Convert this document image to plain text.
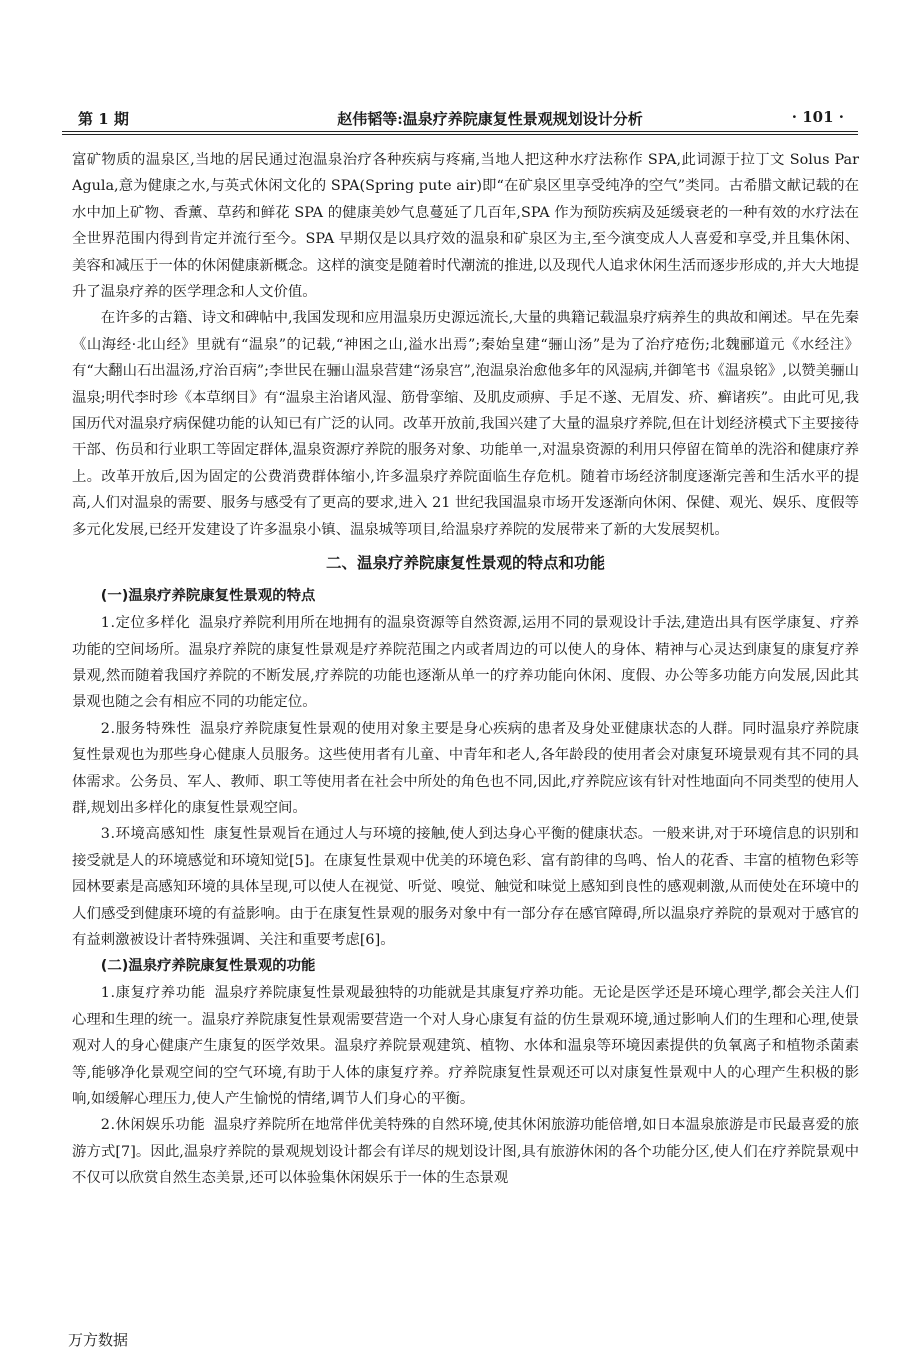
第 1 期	赵伟韬等:温泉疗养院康复性景观规划设计分析	· 101 ·

富矿物质的温泉区,当地的居民通过泡温泉治疗各种疾病与疼痛,当地人把这种水疗法称作 SPA,此词源于拉丁文 Solus Par Agula,意为健康之水,与英式休闲文化的 SPA(Spring pute air)即“在矿泉区里享受纯净的空气”类同。古希腊文献记载的在水中加上矿物、香薰、草药和鲜花 SPA 的健康美妙气息蔓延了几百年,SPA 作为预防疾病及延缓衰老的一种有效的水疗法在全世界范围内得到肯定并流行至今。SPA 早期仅是以具疗效的温泉和矿泉区为主,至今演变成人人喜爱和享受,并且集休闲、美容和减压于一体的休闲健康新概念。这样的演变是随着时代潮流的推进,以及现代人追求休闲生活而逐步形成的,并大大地提升了温泉疗养的医学理念和人文价值。

在许多的古籍、诗文和碑帖中,我国发现和应用温泉历史源远流长,大量的典籍记载温泉疗病养生的典故和阐述。早在先秦《山海经·北山经》里就有“温泉”的记载,“神困之山,溢水出焉”;秦始皇建“骊山汤”是为了治疗疮伤;北魏郦道元《水经注》有“大翻山石出温汤,疗治百病”;李世民在骊山温泉营建“汤泉宫”,泡温泉治愈他多年的风湿病,并御笔书《温泉铭》,以赞美骊山温泉;明代李时珍《本草纲目》有“温泉主治诸风湿、筋骨挛缩、及肌皮顽痹、手足不遂、无眉发、疥、癣诸疾”。由此可见,我国历代对温泉疗病保健功能的认知已有广泛的认同。改革开放前,我国兴建了大量的温泉疗养院,但在计划经济模式下主要接待干部、伤员和行业职工等固定群体,温泉资源疗养院的服务对象、功能单一,对温泉资源的利用只停留在简单的洗浴和健康疗养上。改革开放后,因为固定的公费消费群体缩小,许多温泉疗养院面临生存危机。随着市场经济制度逐渐完善和生活水平的提高,人们对温泉的需要、服务与感受有了更高的要求,进入 21 世纪我国温泉市场开发逐渐向休闲、保健、观光、娱乐、度假等多元化发展,已经开发建设了许多温泉小镇、温泉城等项目,给温泉疗养院的发展带来了新的大发展契机。

二、温泉疗养院康复性景观的特点和功能
(一)温泉疗养院康复性景观的特点

1.定位多样化 温泉疗养院利用所在地拥有的温泉资源等自然资源,运用不同的景观设计手法,建造出具有医学康复、疗养功能的空间场所。温泉疗养院的康复性景观是疗养院范围之内或者周边的可以使人的身体、精神与心灵达到康复的康复疗养景观,然而随着我国疗养院的不断发展,疗养院的功能也逐渐从单一的疗养功能向休闲、度假、办公等多功能方向发展,因此其景观也随之会有相应不同的功能定位。

2.服务特殊性 温泉疗养院康复性景观的使用对象主要是身心疾病的患者及身处亚健康状态的人群。同时温泉疗养院康复性景观也为那些身心健康人员服务。这些使用者有儿童、中青年和老人,各年龄段的使用者会对康复环境景观有其不同的具体需求。公务员、军人、教师、职工等使用者在社会中所处的角色也不同,因此,疗养院应该有针对性地面向不同类型的使用人群,规划出多样化的康复性景观空间。

3.环境高感知性 康复性景观旨在通过人与环境的接触,使人到达身心平衡的健康状态。一般来讲,对于环境信息的识别和接受就是人的环境感觉和环境知觉[5]。在康复性景观中优美的环境色彩、富有韵律的鸟鸣、怡人的花香、丰富的植物色彩等园林要素是高感知环境的具体呈现,可以使人在视觉、听觉、嗅觉、触觉和味觉上感知到良性的感观刺激,从而使处在环境中的人们感受到健康环境的有益影响。由于在康复性景观的服务对象中有一部分存在感官障碍,所以温泉疗养院的景观对于感官的有益刺激被设计者特殊强调、关注和重要考虑[6]。

(二)温泉疗养院康复性景观的功能

1.康复疗养功能 温泉疗养院康复性景观最独特的功能就是其康复疗养功能。无论是医学还是环境心理学,都会关注人们心理和生理的统一。温泉疗养院康复性景观需要营造一个对人身心康复有益的仿生景观环境,通过影响人们的生理和心理,使景观对人的身心健康产生康复的医学效果。温泉疗养院景观建筑、植物、水体和温泉等环境因素提供的负氧离子和植物杀菌素等,能够净化景观空间的空气环境,有助于人体的康复疗养。疗养院康复性景观还可以对康复性景观中人的心理产生积极的影响,如缓解心理压力,使人产生愉悦的情绪,调节人们身心的平衡。

2.休闲娱乐功能 温泉疗养院所在地常伴优美特殊的自然环境,使其休闲旅游功能倍增,如日本温泉旅游是市民最喜爱的旅游方式[7]。因此,温泉疗养院的景观规划设计都会有详尽的规划设计图,具有旅游休闲的各个功能分区,使人们在疗养院景观中不仅可以欣赏自然生态美景,还可以体验集休闲娱乐于一体的生态景观

万方数据
